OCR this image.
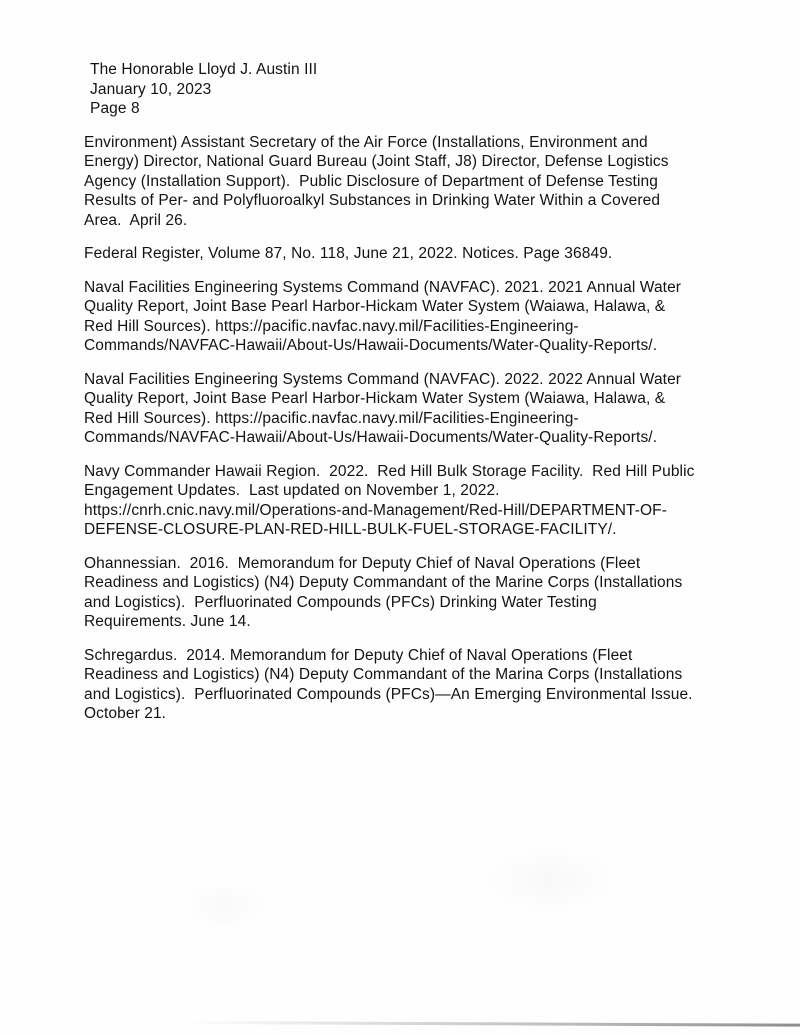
The Honorable Lloyd J. Austin III
January 10, 2023
Page 8

Environment) Assistant Secretary of the Air Force (Installations, Environment and
Energy) Director, National Guard Bureau (Joint Staff, J8) Director, Defense Logistics
Agency (Installation Support).  Public Disclosure of Department of Defense Testing
Results of Per- and Polyfluoroalkyl Substances in Drinking Water Within a Covered
Area.  April 26.

Federal Register, Volume 87, No. 118, June 21, 2022. Notices. Page 36849.

Naval Facilities Engineering Systems Command (NAVFAC). 2021. 2021 Annual Water
Quality Report, Joint Base Pearl Harbor-Hickam Water System (Waiawa, Halawa, &
Red Hill Sources). https://pacific.navfac.navy.mil/Facilities-Engineering-
Commands/NAVFAC-Hawaii/About-Us/Hawaii-Documents/Water-Quality-Reports/.

Naval Facilities Engineering Systems Command (NAVFAC). 2022. 2022 Annual Water
Quality Report, Joint Base Pearl Harbor-Hickam Water System (Waiawa, Halawa, &
Red Hill Sources). https://pacific.navfac.navy.mil/Facilities-Engineering-
Commands/NAVFAC-Hawaii/About-Us/Hawaii-Documents/Water-Quality-Reports/.

Navy Commander Hawaii Region.  2022.  Red Hill Bulk Storage Facility.  Red Hill Public
Engagement Updates.  Last updated on November 1, 2022.
https://cnrh.cnic.navy.mil/Operations-and-Management/Red-Hill/DEPARTMENT-OF-
DEFENSE-CLOSURE-PLAN-RED-HILL-BULK-FUEL-STORAGE-FACILITY/.

Ohannessian.  2016.  Memorandum for Deputy Chief of Naval Operations (Fleet
Readiness and Logistics) (N4) Deputy Commandant of the Marine Corps (Installations
and Logistics).  Perfluorinated Compounds (PFCs) Drinking Water Testing
Requirements. June 14.

Schregardus.  2014. Memorandum for Deputy Chief of Naval Operations (Fleet
Readiness and Logistics) (N4) Deputy Commandant of the Marina Corps (Installations
and Logistics).  Perfluorinated Compounds (PFCs)—An Emerging Environmental Issue.
October 21.
